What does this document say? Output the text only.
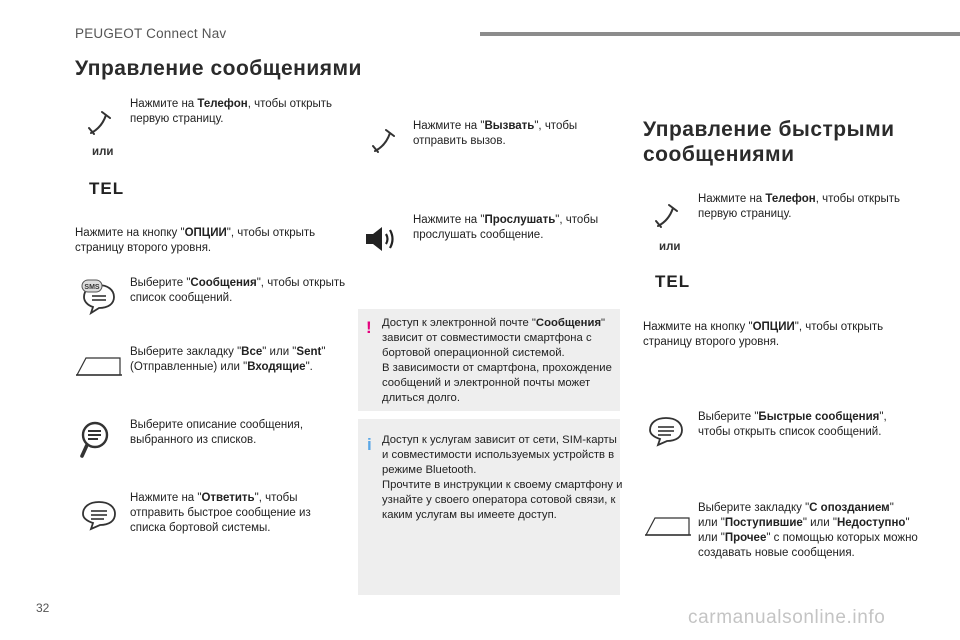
PEUGEOT Connect Nav
Управление сообщениями
Нажмите на Телефон, чтобы открыть
первую страницу.
или
TEL
Нажмите на кнопку "ОПЦИИ", чтобы открыть
страницу второго уровня.
SMS	Выберите "Сообщения", чтобы открыть
список сообщений.
Выберите закладку "Все" или "Sent"
(Отправленные) или "Входящие".
Выберите описание сообщения,
выбранного из списков.
Нажмите на "Ответить", чтобы
отправить быстрое сообщение из
списка бортовой системы.
Нажмите на "Вызвать", чтобы
отправить вызов.
Нажмите на "Прослушать", чтобы
прослушать сообщение.
! Доступ к электронной почте "Сообщения"
зависит от совместимости смартфона с
бортовой операционной системой.
В зависимости от смартфона, прохождение
сообщений и электронной почты может
длиться долго.
i Доступ к услугам зависит от сети, SIM-карты
и совместимости используемых устройств в
режиме Bluetooth.
Прочтите в инструкции к своему смартфону и
узнайте у своего оператора сотовой связи, к
каким услугам вы имеете доступ.
Управление быстрыми
сообщениями
Нажмите на Телефон, чтобы открыть
первую страницу.
или
TEL
Нажмите на кнопку "ОПЦИИ", чтобы открыть
страницу второго уровня.
Выберите "Быстрые сообщения",
чтобы открыть список сообщений.
Выберите закладку "С опозданием"
или "Поступившие" или "Недоступно"
или "Прочее" с помощью которых можно
создавать новые сообщения.
32	carmanualsonline.info
